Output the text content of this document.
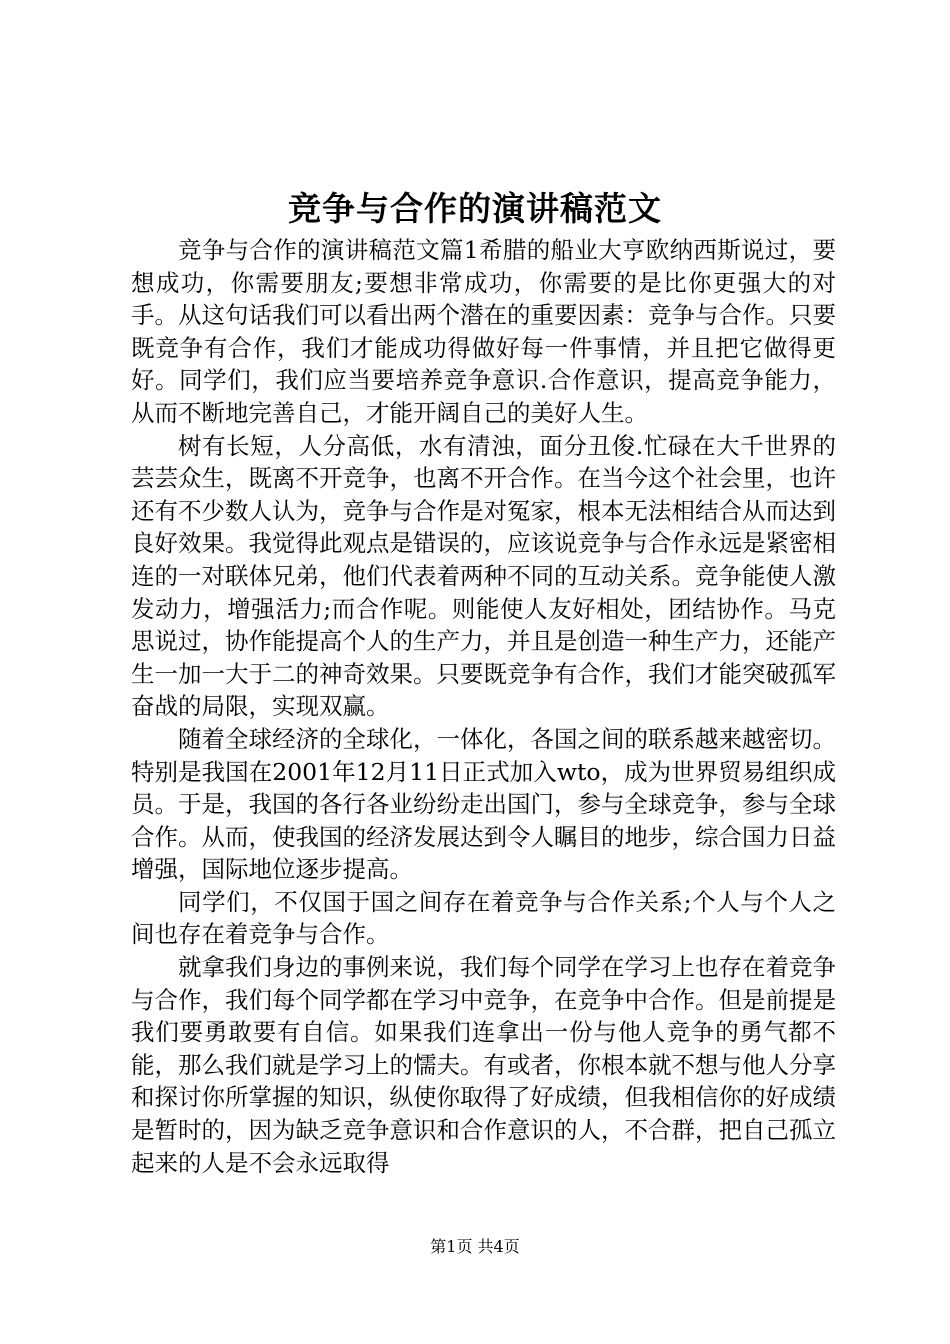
竞争与合作的演讲稿范文

竞争与合作的演讲稿范文篇1希腊的船业大亨欧纳西斯说过，要想成功，你需要朋友;要想非常成功，你需要的是比你更强大的对手。从这句话我们可以看出两个潜在的重要因素：竞争与合作。只要既竞争有合作，我们才能成功得做好每一件事情，并且把它做得更好。同学们，我们应当要培养竞争意识.合作意识，提高竞争能力，从而不断地完善自己，才能开阔自己的美好人生。

树有长短，人分高低，水有清浊，面分丑俊.忙碌在大千世界的芸芸众生，既离不开竞争，也离不开合作。在当今这个社会里，也许还有不少数人认为，竞争与合作是对冤家，根本无法相结合从而达到良好效果。我觉得此观点是错误的，应该说竞争与合作永远是紧密相连的一对联体兄弟，他们代表着两种不同的互动关系。竞争能使人激发动力，增强活力;而合作呢。则能使人友好相处，团结协作。马克思说过，协作能提高个人的生产力，并且是创造一种生产力，还能产生一加一大于二的神奇效果。只要既竞争有合作，我们才能突破孤军奋战的局限，实现双赢。

随着全球经济的全球化，一体化，各国之间的联系越来越密切。特别是我国在2001年12月11日正式加入wto，成为世界贸易组织成员。于是，我国的各行各业纷纷走出国门，参与全球竞争，参与全球合作。从而，使我国的经济发展达到令人瞩目的地步，综合国力日益增强，国际地位逐步提高。

同学们，不仅国于国之间存在着竞争与合作关系;个人与个人之间也存在着竞争与合作。

就拿我们身边的事例来说，我们每个同学在学习上也存在着竞争与合作，我们每个同学都在学习中竞争，在竞争中合作。但是前提是我们要勇敢要有自信。如果我们连拿出一份与他人竞争的勇气都不能，那么我们就是学习上的懦夫。有或者，你根本就不想与他人分享和探讨你所掌握的知识，纵使你取得了好成绩，但我相信你的好成绩是暂时的，因为缺乏竞争意识和合作意识的人，不合群，把自己孤立起来的人是不会永远取得

第1页 共4页
